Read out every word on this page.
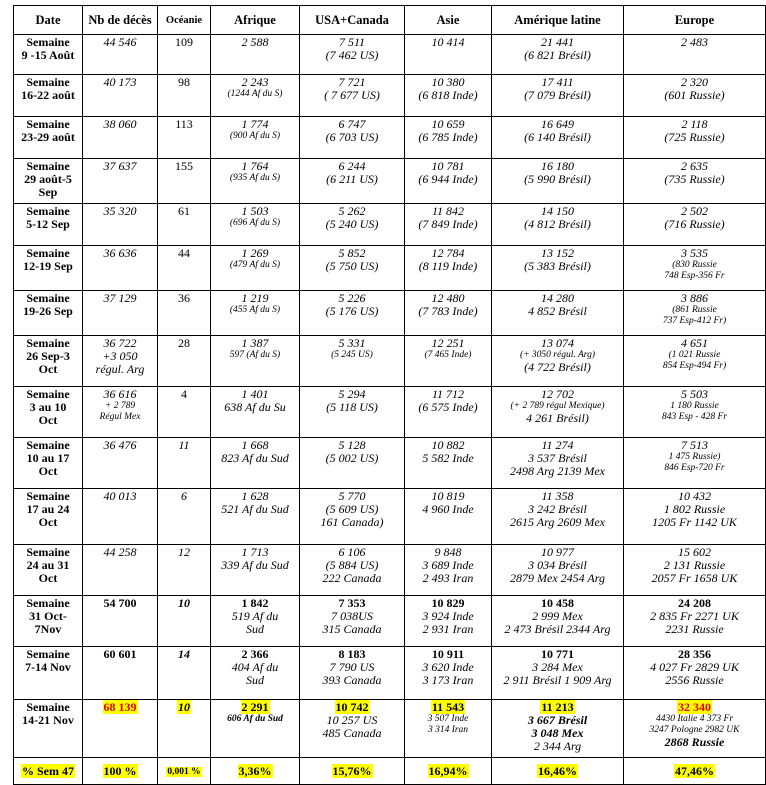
Date	Nb de décès	Océanie	Afrique	USA+Canada	Asie	Amérique latine	Europe

Semaine
9 -15 Août	44 546	109	2 588	7 511
(7 462 US)	10 414	21 441
(6 821 Brésil)	2 483

Semaine
16-22 août	40 173	98	2 243
(1244 Af du S)	7 721
( 7 677 US)	10 380
(6 818 Inde)	17 411
(7 079 Brésil)	2 320
(601 Russie)

Semaine
23-29 août	38 060	113	1 774
(900 Af du S)	6 747
(6 703 US)	10 659
(6 785 Inde)	16 649
(6 140 Brésil)	2 118
(725 Russie)

Semaine
29 août-5
Sep	37 637	155	1 764
(935 Af du S)	6 244
(6 211 US)	10 781
(6 944 Inde)	16 180
(5 990 Brésil)	2 635
(735 Russie)

Semaine
5-12 Sep	35 320	61	1 503
(696 Af du S)	5 262
(5 240 US)	11 842
(7 849 Inde)	14 150
(4 812 Brésil)	2 502
(716 Russie)

Semaine
12-19 Sep	36 636	44	1 269
(479 Af du S)	5 852
(5 750 US)	12 784
(8 119 Inde)	13 152
(5 383 Brésil)	3 535
(830 Russie
748 Esp-356 Fr

Semaine
19-26 Sep	37 129	36	1 219
(455 Af du S)	5 226
(5 176 US)	12 480
(7 783 Inde)	14 280
4 852 Brésil	3 886
(861 Russie
737 Esp-412 Fr)

Semaine
26 Sep-3
Oct	36 722
+3 050
régul. Arg	28	1 387
597 (Af du S)	5 331
(5 245 US)	12 251
(7 465 Inde)	13 074
(+ 3050 régul. Arg)
(4 722 Brésil)	4 651
(1 021 Russie
854 Esp-494 Fr)

Semaine
3 au 10
Oct	36 616
+ 2 789
Régul Mex	4	1 401
638 Af du Su	5 294
(5 118 US)	11 712
(6 575 Inde)	12 702
(+ 2 789 régul Mexique)
4 261 Brésil)	5 503
1 180 Russie
843 Esp - 428 Fr

Semaine
10 au 17
Oct	36 476	11	1 668
823 Af du Sud	5 128
(5 002 US)	10 882
5 582 Inde	11 274
3 537 Brésil
2498 Arg 2139 Mex	7 513
1 475 Russie)
846 Esp-720 Fr

Semaine
17 au 24
Oct	40 013	6	1 628
521 Af du Sud	5 770
(5 609 US)
161 Canada)	10 819
4 960 Inde	11 358
3 242 Brésil
2615 Arg 2609 Mex	10 432
1 802 Russie
1205 Fr 1142 UK

Semaine
24 au 31
Oct	44 258	12	1 713
339 Af du Sud	6 106
(5 884 US)
222 Canada	9 848
3 689 Inde
2 493 Iran	10 977
3 034 Brésil
2879 Mex 2454 Arg	15 602
2 131 Russie
2057 Fr 1658 UK

Semaine
31 Oct-
7Nov	54 700	10	1 842
519 Af du
Sud	7 353
7 038US
315 Canada	10 829
3 924 Inde
2 931 Iran	10 458
2 999 Mex
2 473 Brésil 2344 Arg	24 208
2 835 Fr 2271 UK
2231 Russie

Semaine
7-14 Nov	60 601	14	2 366
404 Af du
Sud	8 183
7 790 US
393 Canada	10 911
3 620 Inde
3 173 Iran	10 771
3 284 Mex
2 911 Brésil 1 909 Arg	28 356
4 027 Fr 2829 UK
2556 Russie

Semaine
14-21 Nov	68 139	10	2 291
606 Af du Sud	10 742
10 257 US
485 Canada	11 543
3 507 Inde
3 314 Iran	11 213
3 667 Brésil
3 048 Mex
2 344 Arg	32 340
4430 Italie 4 373 Fr
3247 Pologne 2982 UK
2868 Russie

% Sem 47	100 %	0,001 %	3,36%	15,76%	16,94%	16,46%	47,46%
